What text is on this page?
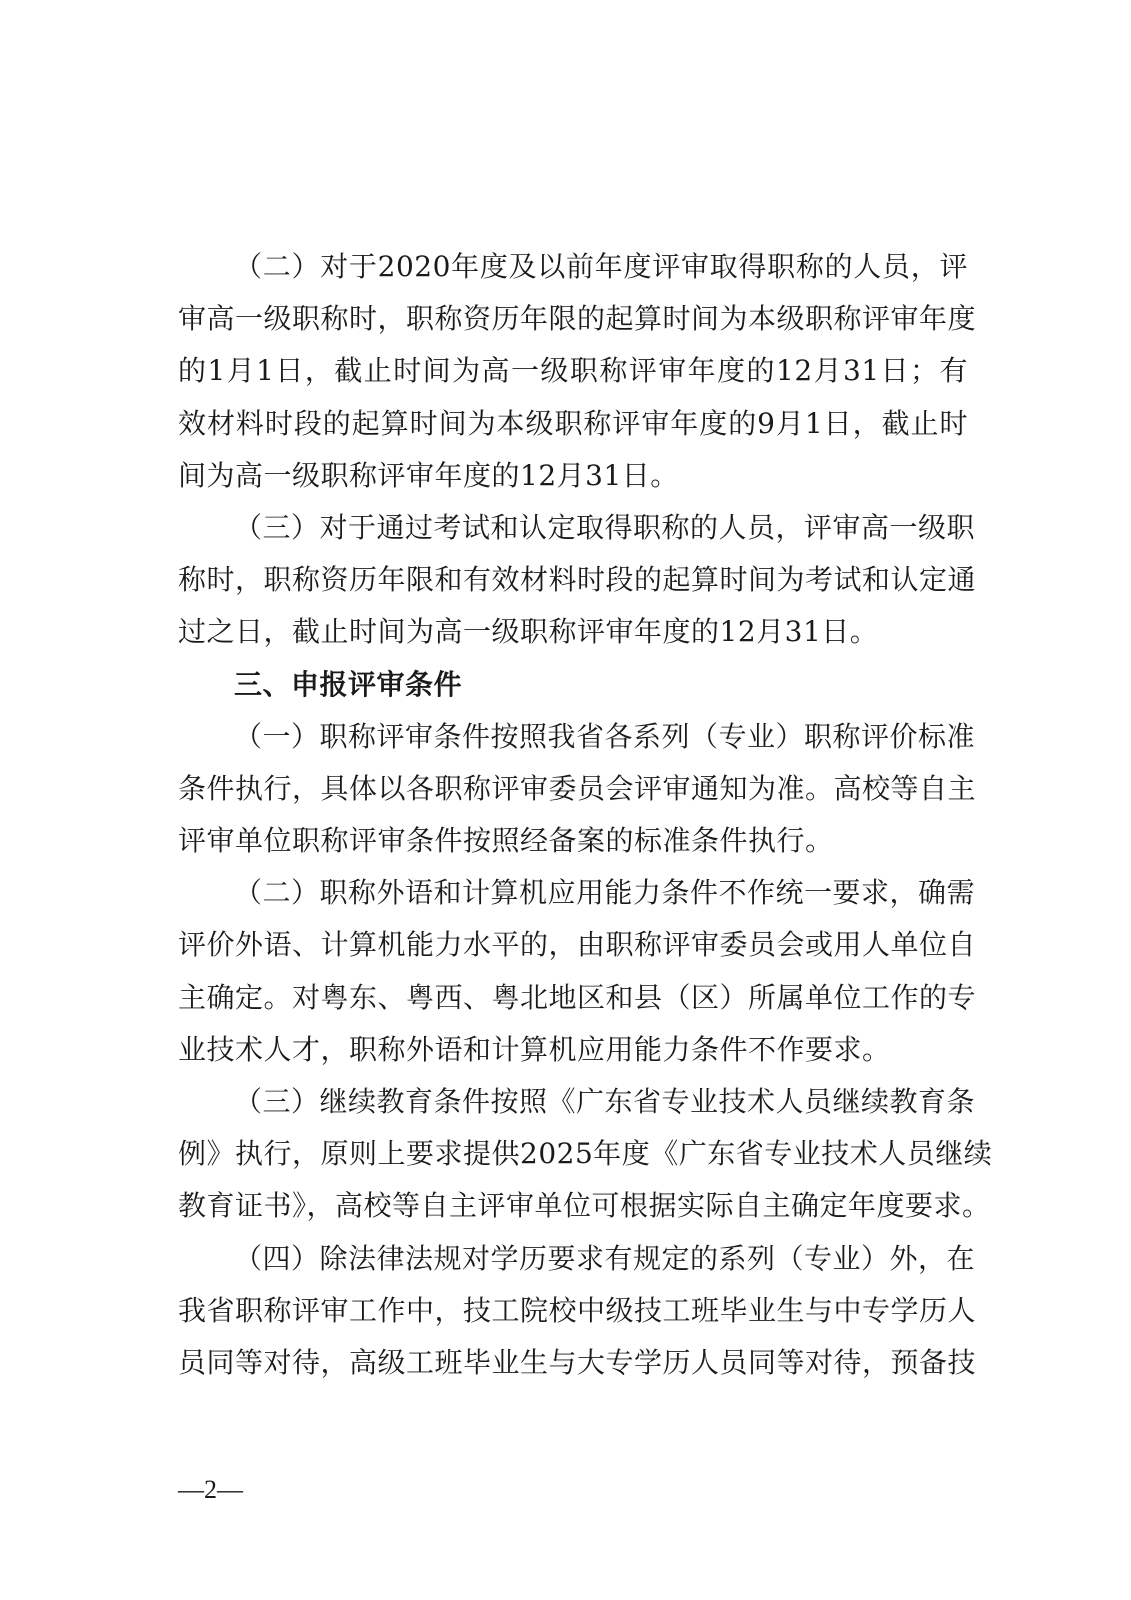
（二）对于2020年度及以前年度评审取得职称的人员，评
审高一级职称时，职称资历年限的起算时间为本级职称评审年度
的1月1日，截止时间为高一级职称评审年度的12月31日；有
效材料时段的起算时间为本级职称评审年度的9月1日，截止时
间为高一级职称评审年度的12月31日。
（三）对于通过考试和认定取得职称的人员，评审高一级职
称时，职称资历年限和有效材料时段的起算时间为考试和认定通
过之日，截止时间为高一级职称评审年度的12月31日。
三、申报评审条件
（一）职称评审条件按照我省各系列（专业）职称评价标准
条件执行，具体以各职称评审委员会评审通知为准。高校等自主
评审单位职称评审条件按照经备案的标准条件执行。
（二）职称外语和计算机应用能力条件不作统一要求，确需
评价外语、计算机能力水平的，由职称评审委员会或用人单位自
主确定。对粤东、粤西、粤北地区和县（区）所属单位工作的专
业技术人才，职称外语和计算机应用能力条件不作要求。
（三）继续教育条件按照《广东省专业技术人员继续教育条
例》执行，原则上要求提供2025年度《广东省专业技术人员继续
教育证书》，高校等自主评审单位可根据实际自主确定年度要求。
（四）除法律法规对学历要求有规定的系列（专业）外，在
我省职称评审工作中，技工院校中级技工班毕业生与中专学历人
员同等对待，高级工班毕业生与大专学历人员同等对待，预备技
—2—
